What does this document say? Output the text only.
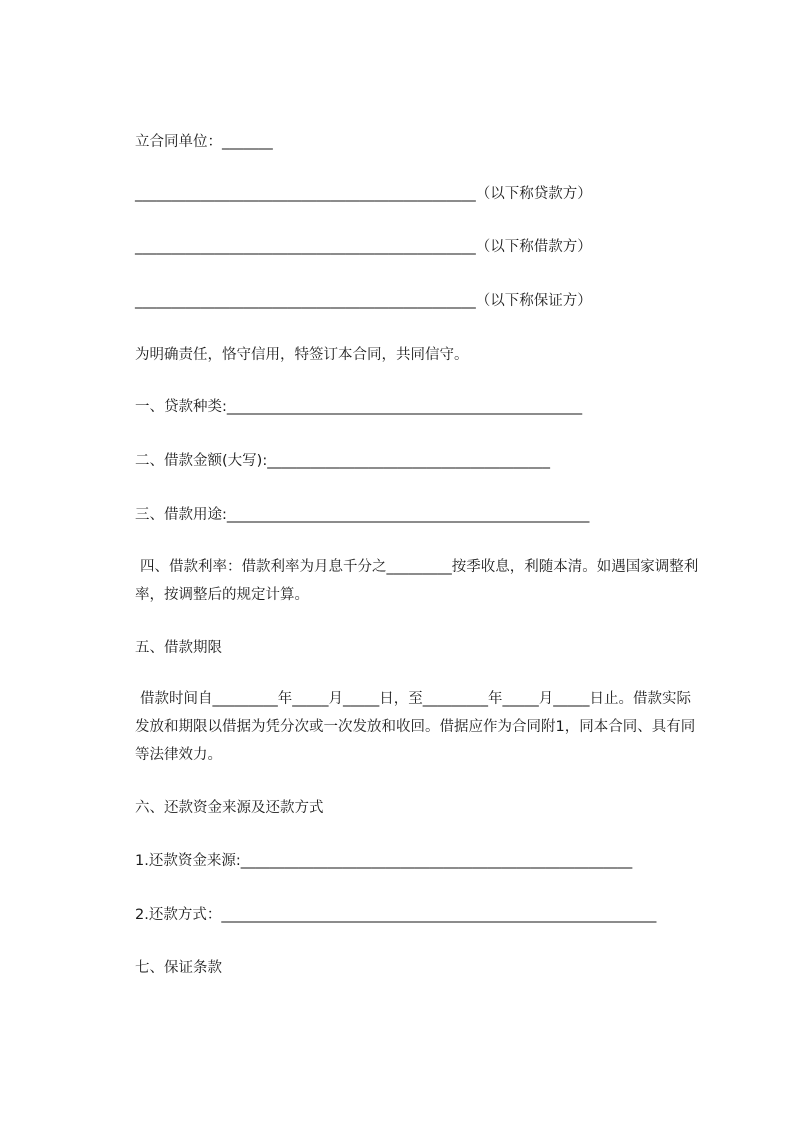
立合同单位：_______
_______________________________________________（以下称贷款方）
_______________________________________________（以下称借款方）
_______________________________________________（以下称保证方）
为明确责任，恪守信用，特签订本合同，共同信守。
一、贷款种类:_________________________________________________
二、借款金额(大写):_______________________________________
三、借款用途:__________________________________________________
四、借款利率：借款利率为月息千分之_________按季收息，利随本清。如遇国家调整利率，按调整后的规定计算。
五、借款期限
借款时间自_________年_____月_____日，至_________年_____月_____日止。借款实际发放和期限以借据为凭分次或一次发放和收回。借据应作为合同附1，同本合同、具有同等法律效力。
六、还款资金来源及还款方式
1.还款资金来源:______________________________________________________
2.还款方式：____________________________________________________________
七、保证条款
